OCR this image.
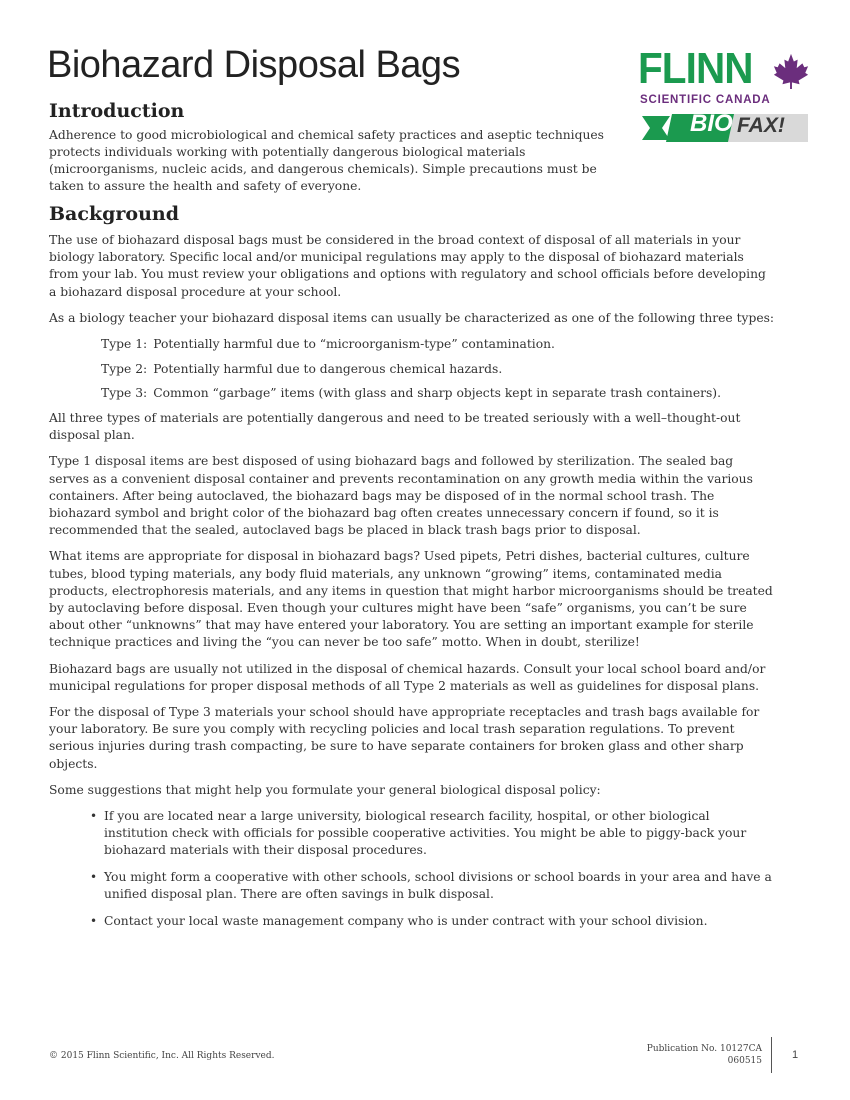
Biohazard Disposal Bags	FLINN
SCIENTIFIC CANADA
BIO FAX!
Introduction

Adherence to good microbiological and chemical safety practices and aseptic techniques protects individuals working with potentially dangerous biological materials (microorganisms, nucleic acids, and dangerous chemicals). Simple precautions must be taken to assure the health and safety of everyone.

Background

The use of biohazard disposal bags must be considered in the broad context of disposal of all materials in your biology laboratory. Specific local and/or municipal regulations may apply to the disposal of biohazard materials from your lab. You must review your obligations and options with regulatory and school officials before developing a biohazard disposal procedure at your school.

As a biology teacher your biohazard disposal items can usually be characterized as one of the following three types:

Type 1: Potentially harmful due to “microorganism-type” contamination.
Type 2: Potentially harmful due to dangerous chemical hazards.
Type 3: Common “garbage” items (with glass and sharp objects kept in separate trash containers).

All three types of materials are potentially dangerous and need to be treated seriously with a well–thought-out disposal plan.

Type 1 disposal items are best disposed of using biohazard bags and followed by sterilization. The sealed bag serves as a convenient disposal container and prevents recontamination on any growth media within the various containers. After being autoclaved, the biohazard bags may be disposed of in the normal school trash. The biohazard symbol and bright color of the biohazard bag often creates unnecessary concern if found, so it is recommended that the sealed, autoclaved bags be placed in black trash bags prior to disposal.

What items are appropriate for disposal in biohazard bags? Used pipets, Petri dishes, bacterial cultures, culture tubes, blood typing materials, any body fluid materials, any unknown “growing” items, contaminated media products, electrophoresis materials, and any items in question that might harbor microorganisms should be treated by autoclaving before disposal. Even though your cultures might have been “safe” organisms, you can’t be sure about other “unknowns” that may have entered your laboratory. You are setting an important example for sterile technique practices and living the “you can never be too safe” motto. When in doubt, sterilize!

Biohazard bags are usually not utilized in the disposal of chemical hazards. Consult your local school board and/or municipal regulations for proper disposal methods of all Type 2 materials as well as guidelines for disposal plans.

For the disposal of Type 3 materials your school should have appropriate receptacles and trash bags available for your laboratory. Be sure you comply with recycling policies and local trash separation regulations. To prevent serious injuries during trash compacting, be sure to have separate containers for broken glass and other sharp objects.

Some suggestions that might help you formulate your general biological disposal policy:

• If you are located near a large university, biological research facility, hospital, or other biological institution check with officials for possible cooperative activities. You might be able to piggy-back your biohazard materials with their disposal procedures.
• You might form a cooperative with other schools, school divisions or school boards in your area and have a unified disposal plan. There are often savings in bulk disposal.
• Contact your local waste management company who is under contract with your school division.
© 2015 Flinn Scientific, Inc. All Rights Reserved.
Publication No. 10127CA
060515	1
